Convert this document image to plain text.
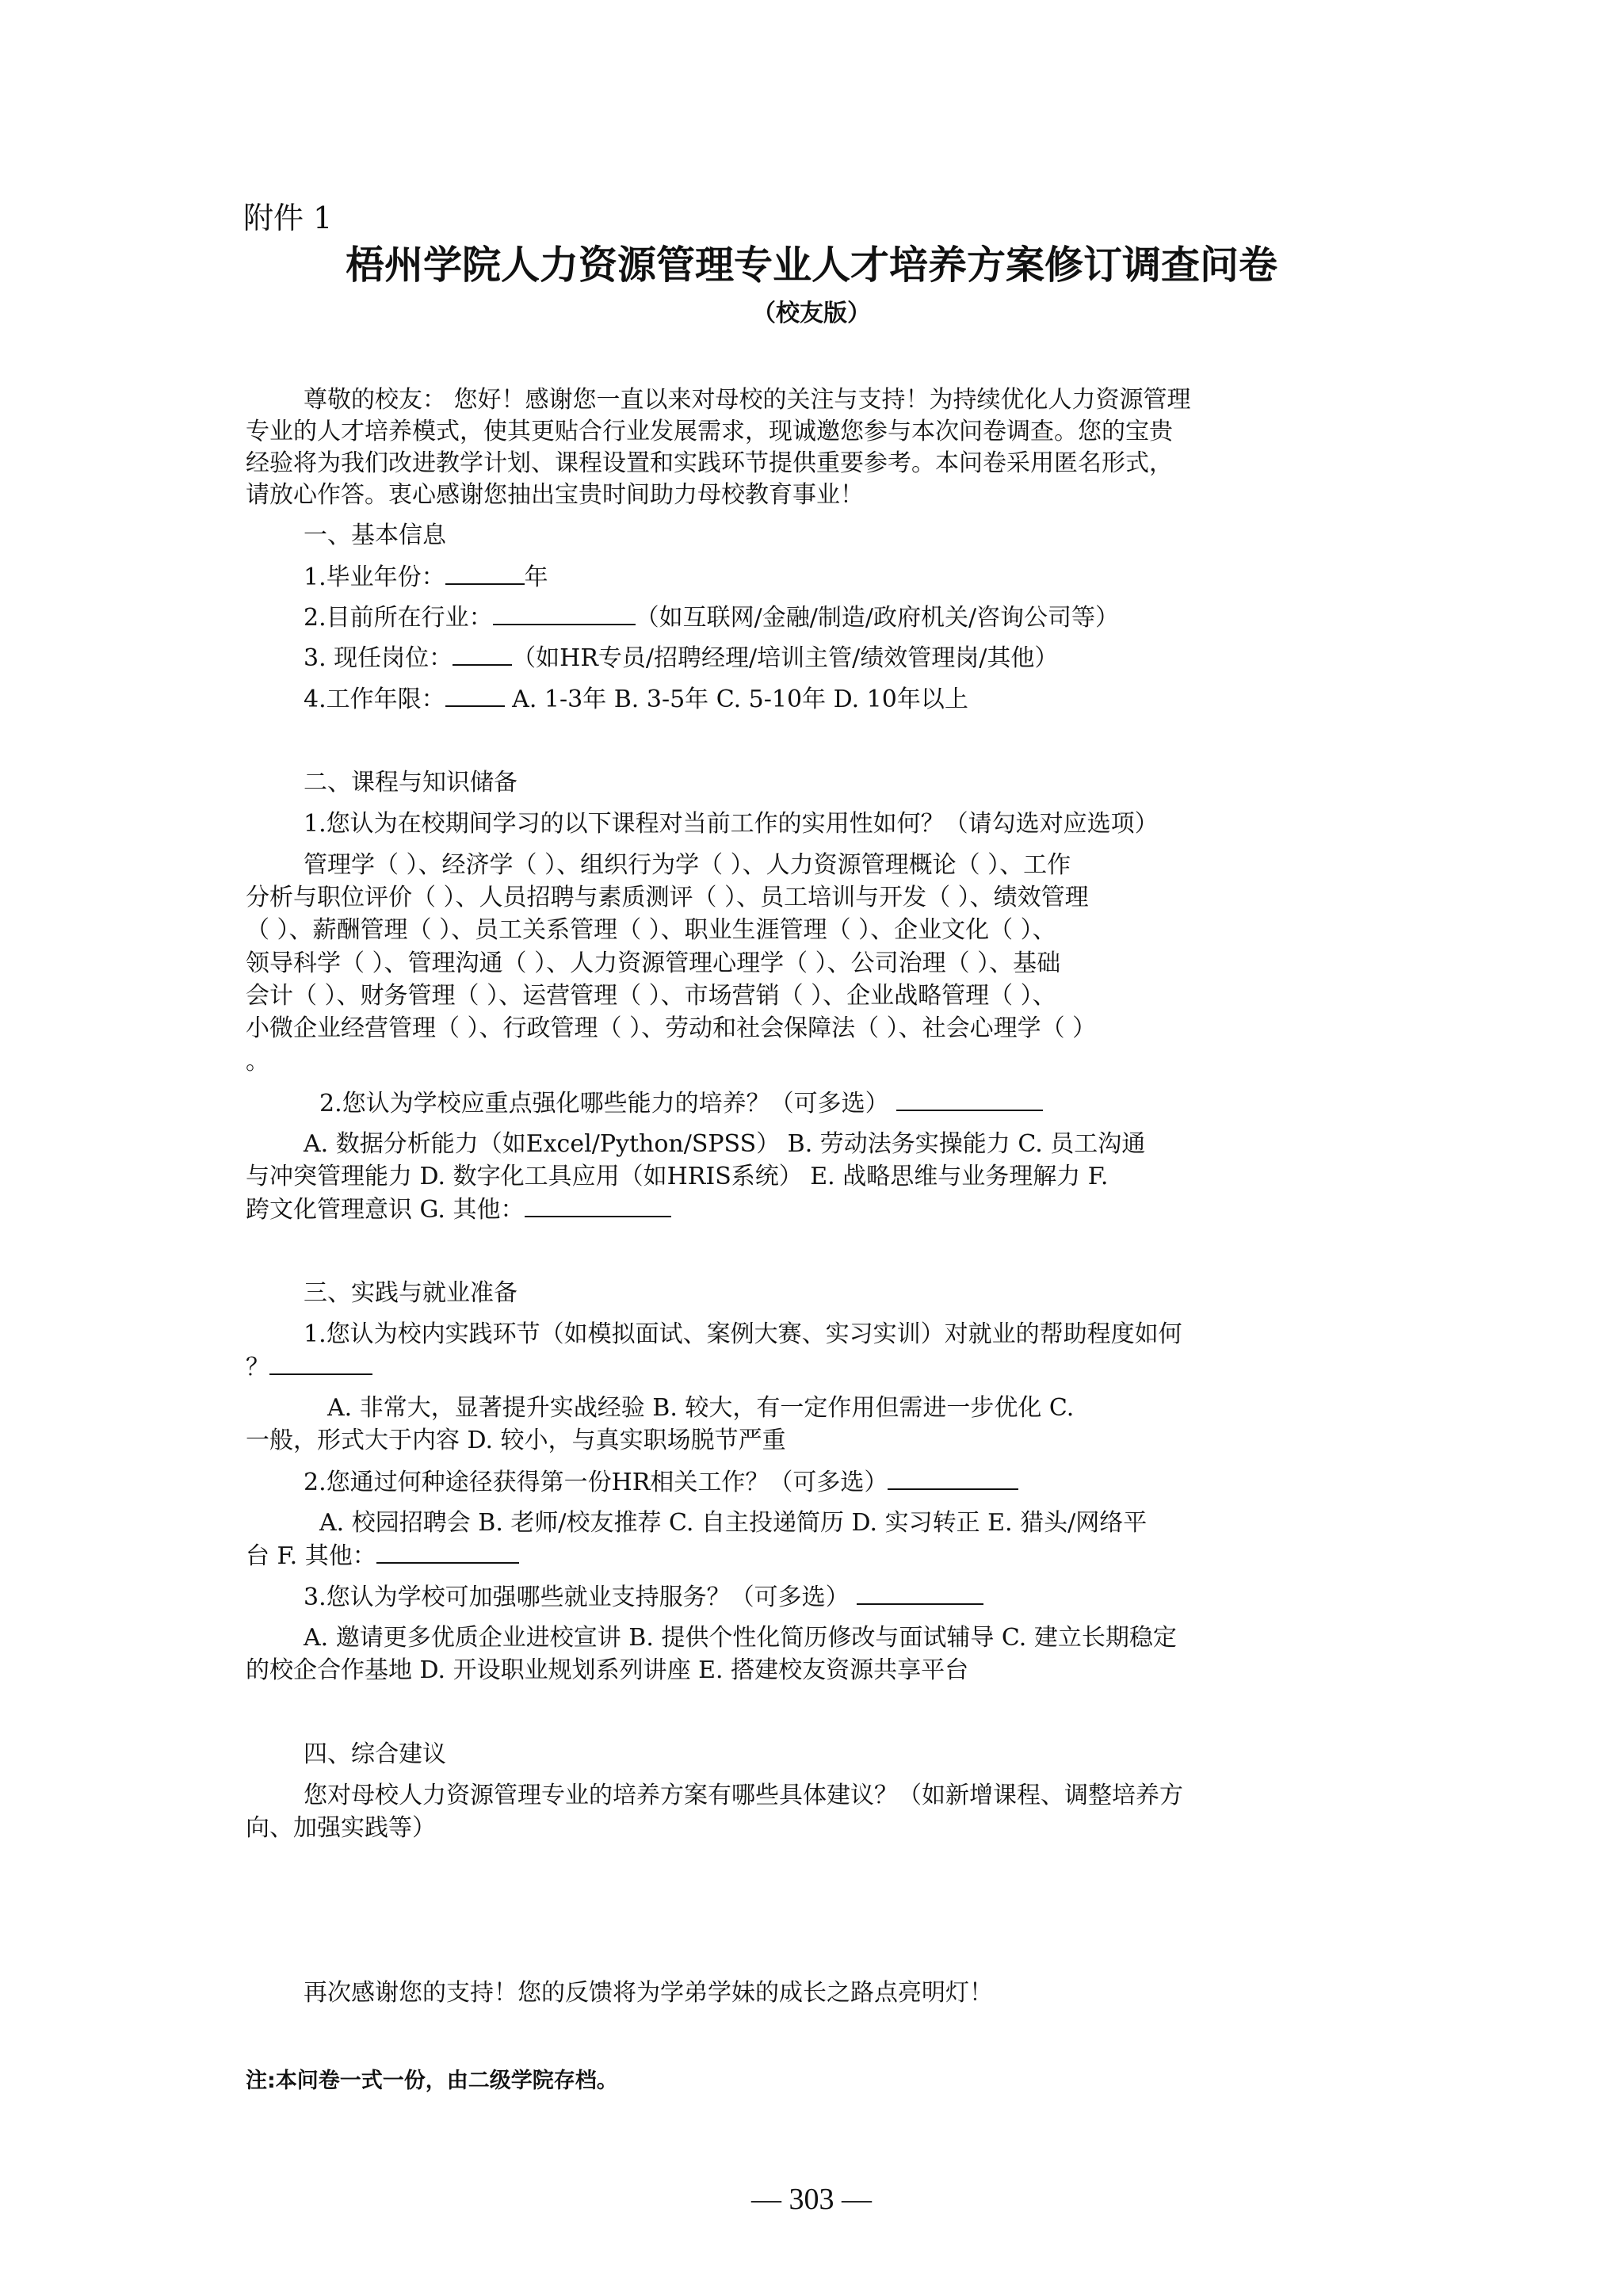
附件 1
梧州学院人力资源管理专业人才培养方案修订调查问卷
（校友版）
尊敬的校友： 您好！感谢您一直以来对母校的关注与支持！为持续优化人力资源管理
专业的人才培养模式，使其更贴合行业发展需求，现诚邀您参与本次问卷调查。您的宝贵
经验将为我们改进教学计划、课程设置和实践环节提供重要参考。本问卷采用匿名形式，
请放心作答。衷心感谢您抽出宝贵时间助力母校教育事业！
一、基本信息
1.毕业年份：	年
2.目前所在行业：	（如互联网/金融/制造/政府机关/咨询公司等）
3. 现任岗位：	（如HR专员/招聘经理/培训主管/绩效管理岗/其他）
4.工作年限：	A. 1-3年 B. 3-5年 C. 5-10年 D. 10年以上
二、课程与知识储备
1.您认为在校期间学习的以下课程对当前工作的实用性如何？（请勾选对应选项）
管理学（ ）、经济学（ ）、组织行为学（ ）、人力资源管理概论（ ）、工作
分析与职位评价（ ）、人员招聘与素质测评（ ）、员工培训与开发（ ）、绩效管理
（ ）、薪酬管理（ ）、员工关系管理（ ）、职业生涯管理（ ）、企业文化（ ）、
领导科学（ ）、管理沟通（ ）、人力资源管理心理学（ ）、公司治理（ ）、基础
会计（ ）、财务管理（ ）、运营管理（ ）、市场营销（ ）、企业战略管理（ ）、
小微企业经营管理（ ）、行政管理（ ）、劳动和社会保障法（ ）、社会心理学（ ）
。
2.您认为学校应重点强化哪些能力的培养？（可多选）
A. 数据分析能力（如Excel/Python/SPSS） B. 劳动法务实操能力 C. 员工沟通
与冲突管理能力 D. 数字化工具应用（如HRIS系统） E. 战略思维与业务理解力 F.
跨文化管理意识 G. 其他：
三、实践与就业准备
1.您认为校内实践环节（如模拟面试、案例大赛、实习实训）对就业的帮助程度如何
？
A. 非常大，显著提升实战经验 B. 较大，有一定作用但需进一步优化 C.
一般，形式大于内容 D. 较小，与真实职场脱节严重
2.您通过何种途径获得第一份HR相关工作？（可多选）
A. 校园招聘会 B. 老师/校友推荐 C. 自主投递简历 D. 实习转正 E. 猎头/网络平
台 F. 其他：
3.您认为学校可加强哪些就业支持服务？（可多选）
A. 邀请更多优质企业进校宣讲 B. 提供个性化简历修改与面试辅导 C. 建立长期稳定
的校企合作基地 D. 开设职业规划系列讲座 E. 搭建校友资源共享平台
四、综合建议
您对母校人力资源管理专业的培养方案有哪些具体建议？（如新增课程、调整培养方
向、加强实践等）
再次感谢您的支持！您的反馈将为学弟学妹的成长之路点亮明灯！
注:本问卷一式一份，由二级学院存档。
— 303 —
